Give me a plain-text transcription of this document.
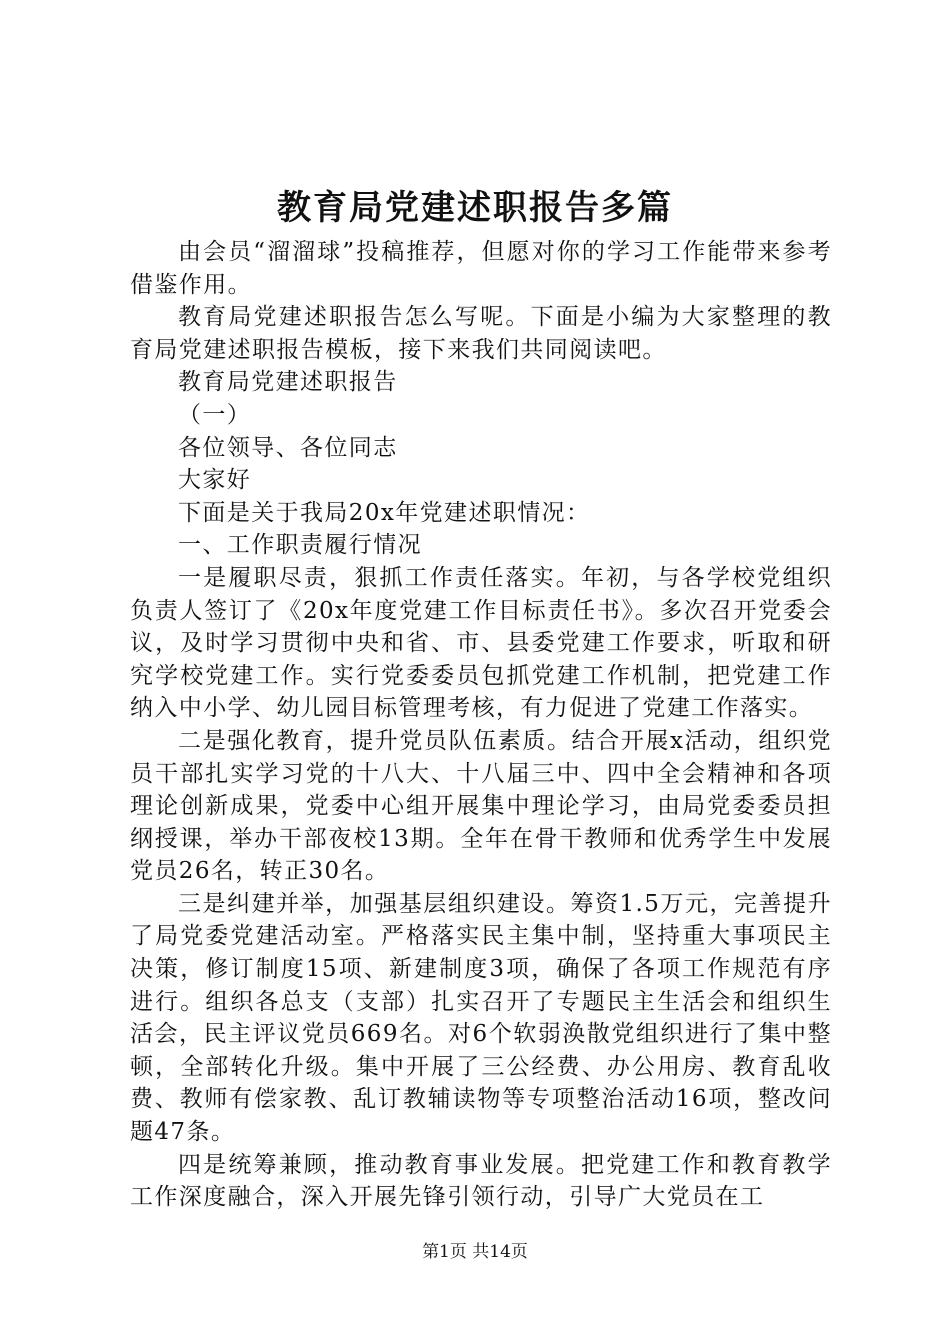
教育局党建述职报告多篇

由会员“溜溜球”投稿推荐，但愿对你的学习工作能带来参考借鉴作用。

教育局党建述职报告怎么写呢。下面是小编为大家整理的教育局党建述职报告模板，接下来我们共同阅读吧。

教育局党建述职报告

（一）

各位领导、各位同志

大家好

下面是关于我局20x年党建述职情况：

一、工作职责履行情况

一是履职尽责，狠抓工作责任落实。年初，与各学校党组织负责人签订了《20x年度党建工作目标责任书》。多次召开党委会议，及时学习贯彻中央和省、市、县委党建工作要求，听取和研究学校党建工作。实行党委委员包抓党建工作机制，把党建工作纳入中小学、幼儿园目标管理考核，有力促进了党建工作落实。

二是强化教育，提升党员队伍素质。结合开展x活动，组织党员干部扎实学习党的十八大、十八届三中、四中全会精神和各项理论创新成果，党委中心组开展集中理论学习，由局党委委员担纲授课，举办干部夜校13期。全年在骨干教师和优秀学生中发展党员26名，转正30名。

三是纠建并举，加强基层组织建设。筹资1.5万元，完善提升了局党委党建活动室。严格落实民主集中制，坚持重大事项民主决策，修订制度15项、新建制度3项，确保了各项工作规范有序进行。组织各总支（支部）扎实召开了专题民主生活会和组织生活会，民主评议党员669名。对6个软弱涣散党组织进行了集中整顿，全部转化升级。集中开展了三公经费、办公用房、教育乱收费、教师有偿家教、乱订教辅读物等专项整治活动16项，整改问题47条。

四是统筹兼顾，推动教育事业发展。把党建工作和教育教学工作深度融合，深入开展先锋引领行动，引导广大党员在工

第1页 共14页
